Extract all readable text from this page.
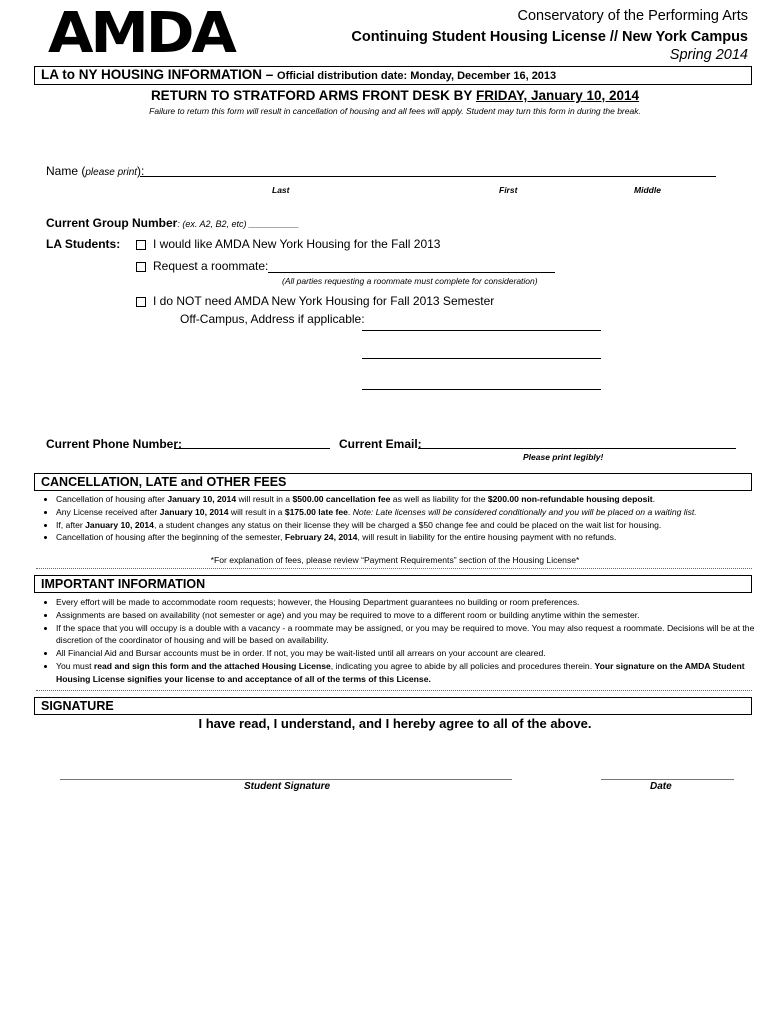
AMDA	Conservatory of the Performing Arts
Continuing Student Housing License // New York Campus
Spring 2014
LA to NY HOUSING INFORMATION – Official distribution date: Monday, December 16, 2013
RETURN TO STRATFORD ARMS FRONT DESK BY FRIDAY, January 10, 2014
Failure to return this form will result in cancellation of housing and all fees will apply. Student may turn this form in during the break.
Name (please print):
Last	First	Middle
Current Group Number: (ex. A2, B2, etc) __________
LA Students:	I would like AMDA New York Housing for the Fall 2013
Request a roommate:
(All parties requesting a roommate must complete for consideration)
I do NOT need AMDA New York Housing for Fall 2013 Semester
Off-Campus, Address if applicable:
Current Phone Number:	Current Email:
Please print legibly!
CANCELLATION, LATE and OTHER FEES
• Cancellation of housing after January 10, 2014 will result in a $500.00 cancellation fee as well as liability for the $200.00 non-refundable housing deposit.
• Any License received after January 10, 2014 will result in a $175.00 late fee. Note: Late licenses will be considered conditionally and you will be placed on a waiting list.
• If, after January 10, 2014, a student changes any status on their license they will be charged a $50 change fee and could be placed on the wait list for housing.
• Cancellation of housing after the beginning of the semester, February 24, 2014, will result in liability for the entire housing payment with no refunds.
*For explanation of fees, please review “Payment Requirements” section of the Housing License*
IMPORTANT INFORMATION
• Every effort will be made to accommodate room requests; however, the Housing Department guarantees no building or room preferences.
• Assignments are based on availability (not semester or age) and you may be required to move to a different room or building anytime within the semester.
• If the space that you will occupy is a double with a vacancy - a roommate may be assigned, or you may be required to move. You may also request a roommate. Decisions will be at the discretion of the coordinator of housing and will be based on availability.
• All Financial Aid and Bursar accounts must be in order. If not, you may be wait-listed until all arrears on your account are cleared.
• You must read and sign this form and the attached Housing License, indicating you agree to abide by all policies and procedures therein. Your signature on the AMDA Student Housing License signifies your license to and acceptance of all of the terms of this License.
SIGNATURE
I have read, I understand, and I hereby agree to all of the above.
Student Signature	Date
